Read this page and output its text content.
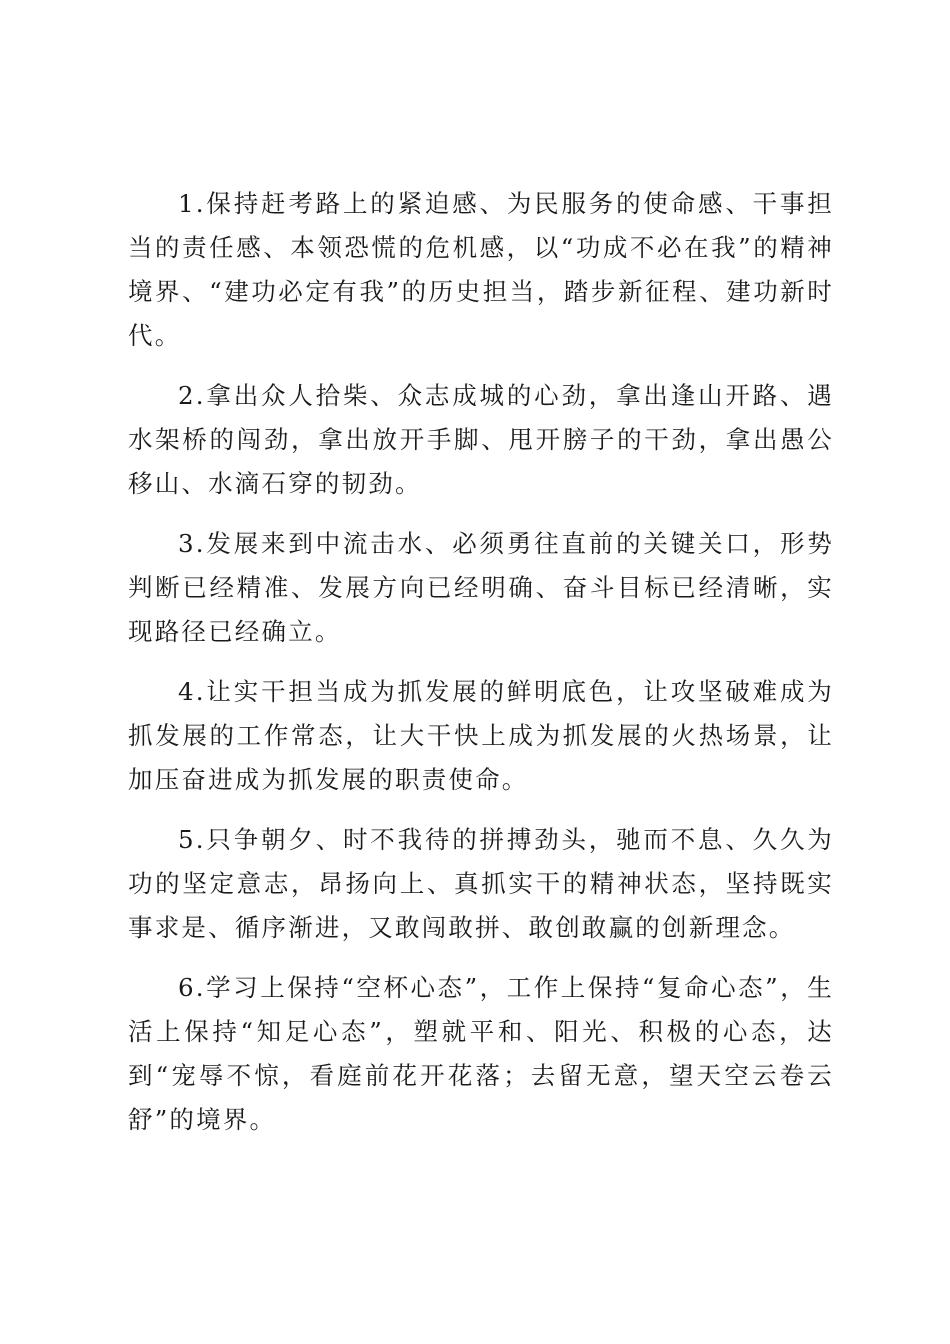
1.保持赶考路上的紧迫感、为民服务的使命感、干事担当的责任感、本领恐慌的危机感，以“功成不必在我”的精神境界、“建功必定有我”的历史担当，踏步新征程、建功新时代。

2.拿出众人拾柴、众志成城的心劲，拿出逢山开路、遇水架桥的闯劲，拿出放开手脚、甩开膀子的干劲，拿出愚公移山、水滴石穿的韧劲。

3.发展来到中流击水、必须勇往直前的关键关口，形势判断已经精准、发展方向已经明确、奋斗目标已经清晰，实现路径已经确立。

4.让实干担当成为抓发展的鲜明底色，让攻坚破难成为抓发展的工作常态，让大干快上成为抓发展的火热场景，让加压奋进成为抓发展的职责使命。

5.只争朝夕、时不我待的拼搏劲头，驰而不息、久久为功的坚定意志，昂扬向上、真抓实干的精神状态，坚持既实事求是、循序渐进，又敢闯敢拼、敢创敢赢的创新理念。

6.学习上保持“空杯心态”，工作上保持“复命心态”，生活上保持“知足心态”，塑就平和、阳光、积极的心态，达到“宠辱不惊，看庭前花开花落；去留无意，望天空云卷云舒”的境界。
